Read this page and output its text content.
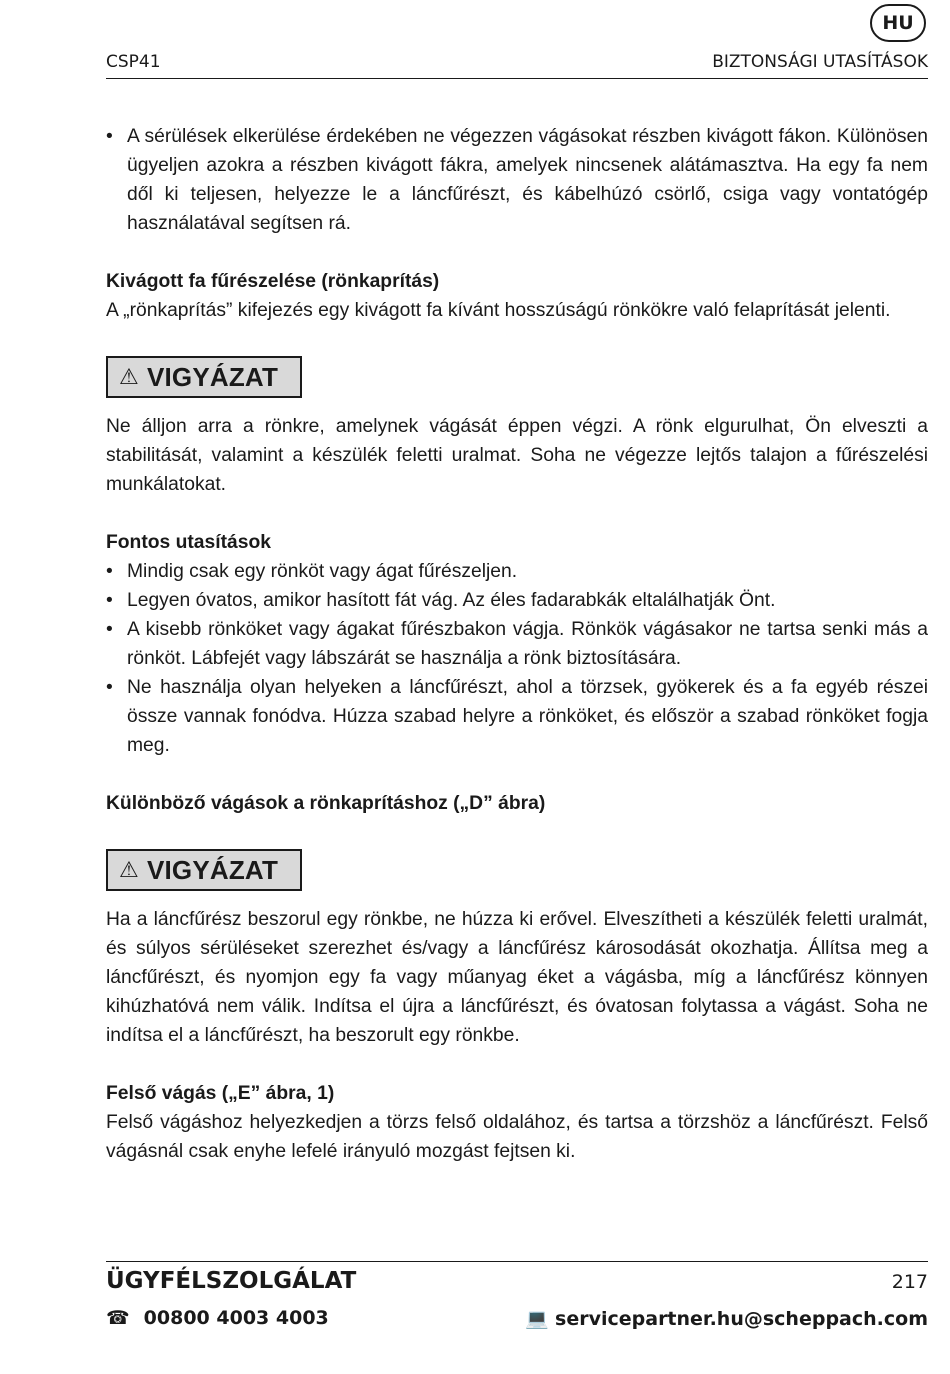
HU
CSP41	BIZTONSÁGI UTASÍTÁSOK
• A sérülések elkerülése érdekében ne végezzen vágásokat részben kivágott fákon. Különösen ügyeljen azokra a részben kivágott fákra, amelyek nincsenek alátámasztva. Ha egy fa nem dől ki teljesen, helyezze le a láncfűrészt, és kábelhúzó csörlő, csiga vagy vontatógép használatával segítsen rá.

Kivágott fa fűrészelése (rönkaprítás)

A „rönkaprítás” kifejezés egy kivágott fa kívánt hosszúságú rönkökre való felaprítását jelenti.

⚠ VIGYÁZAT

Ne álljon arra a rönkre, amelynek vágását éppen végzi. A rönk elgurulhat, Ön elveszti a stabilitását, valamint a készülék feletti uralmat. Soha ne végezze lejtős talajon a fűrészelési munkálatokat.

Fontos utasítások

• Mindig csak egy rönköt vagy ágat fűrészeljen.

• Legyen óvatos, amikor hasított fát vág. Az éles fadarabkák eltalálhatják Önt.

• A kisebb rönköket vagy ágakat fűrészbakon vágja. Rönkök vágásakor ne tartsa senki más a rönköt. Lábfejét vagy lábszárát se használja a rönk biztosítására.

• Ne használja olyan helyeken a láncfűrészt, ahol a törzsek, gyökerek és a fa egyéb részei össze vannak fonódva. Húzza szabad helyre a rönköket, és először a szabad rönköket fogja meg.

Különböző vágások a rönkaprításhoz („D” ábra)

⚠ VIGYÁZAT

Ha a láncfűrész beszorul egy rönkbe, ne húzza ki erővel. Elveszítheti a készülék feletti uralmát, és súlyos sérüléseket szerezhet és/vagy a láncfűrész károsodását okozhatja. Állítsa meg a láncfűrészt, és nyomjon egy fa vagy műanyag éket a vágásba, míg a láncfűrész könnyen kihúzhatóvá nem válik. Indítsa el újra a láncfűrészt, és óvatosan folytassa a vágást. Soha ne indítsa el a láncfűrészt, ha beszorult egy rönkbe.

Felső vágás („E” ábra, 1)

Felső vágáshoz helyezkedjen a törzs felső oldalához, és tartsa a törzshöz a láncfűrészt. Felső vágásnál csak enyhe lefelé irányuló mozgást fejtsen ki.

ÜGYFÉLSZOLGÁLAT	217
☎ 00800 4003 4003	💻 servicepartner.hu@scheppach.com
